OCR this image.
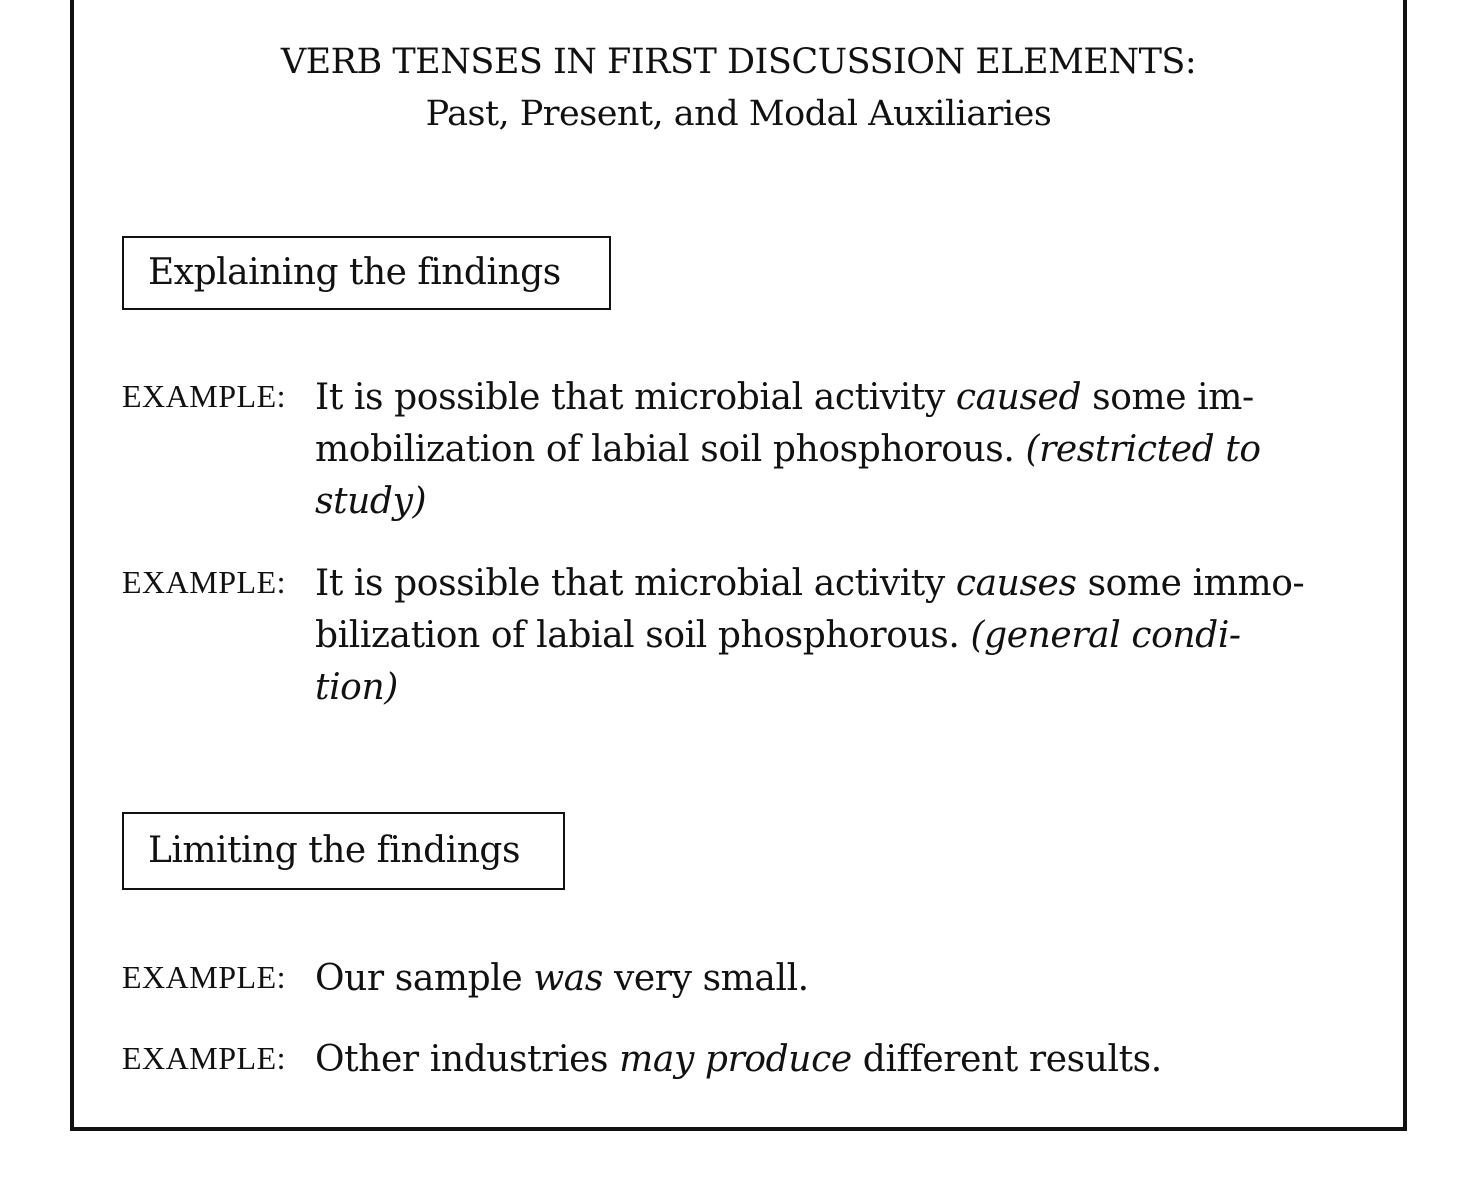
VERB TENSES IN FIRST DISCUSSION ELEMENTS:
Past, Present, and Modal Auxiliaries
Explaining the findings
EXAMPLE: It is possible that microbial activity caused some im-
mobilization of labial soil phosphorous. (restricted to
study)
EXAMPLE: It is possible that microbial activity causes some immo-
bilization of labial soil phosphorous. (general condi-
tion)
Limiting the findings
EXAMPLE: Our sample was very small.
EXAMPLE: Other industries may produce different results.
